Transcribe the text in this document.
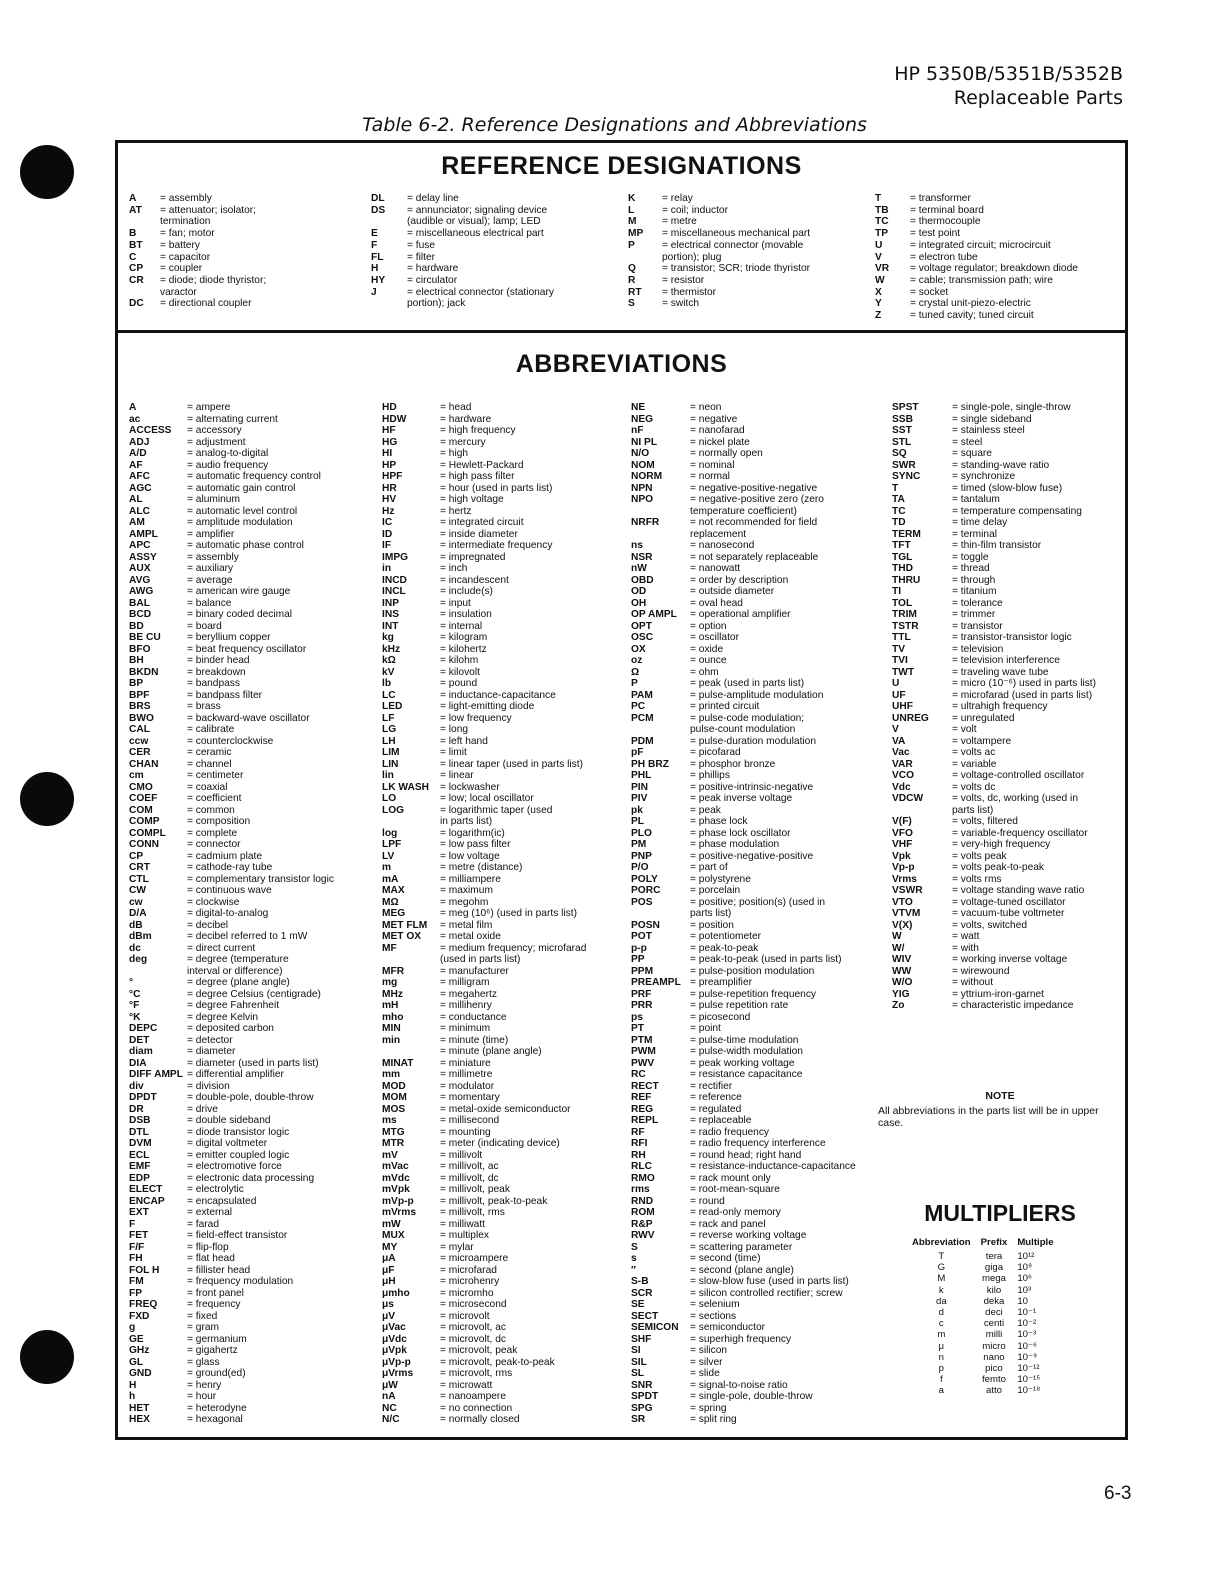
HP 5350B/5351B/5352B
Replaceable Parts
Table 6-2. Reference Designations and Abbreviations
REFERENCE DESIGNATIONS
A	= assembly
AT	= attenuator; isolator;
termination
B	= fan; motor
BT	= battery
C	= capacitor
CP	= coupler
CR	= diode; diode thyristor;
varactor
DC	= directional coupler
DL	= delay line
DS	= annunciator; signaling device
(audible or visual); lamp; LED
E	= miscellaneous electrical part
F	= fuse
FL	= filter
H	= hardware
HY	= circulator
J	= electrical connector (stationary
portion); jack
K	= relay
L	= coil; inductor
M	= metre
MP	= miscellaneous mechanical part
P	= electrical connector (movable
portion); plug
Q	= transistor; SCR; triode thyristor
R	= resistor
RT	= thermistor
S	= switch
T	= transformer
TB	= terminal board
TC	= thermocouple
TP	= test point
U	= integrated circuit; microcircuit
V	= electron tube
VR	= voltage regulator; breakdown diode
W	= cable; transmission path; wire
X	= socket
Y	= crystal unit-piezo-electric
Z	= tuned cavity; tuned circuit
ABBREVIATIONS
A	= ampere
ac	= alternating current
ACCESS	= accessory
ADJ	= adjustment
A/D	= analog-to-digital
AF	= audio frequency
AFC	= automatic frequency control
AGC	= automatic gain control
AL	= aluminum
ALC	= automatic level control
AM	= amplitude modulation
AMPL	= amplifier
APC	= automatic phase control
ASSY	= assembly
AUX	= auxiliary
AVG	= average
AWG	= american wire gauge
BAL	= balance
BCD	= binary coded decimal
BD	= board
BE CU	= beryllium copper
BFO	= beat frequency oscillator
BH	= binder head
BKDN	= breakdown
BP	= bandpass
BPF	= bandpass filter
BRS	= brass
BWO	= backward-wave oscillator
CAL	= calibrate
ccw	= counterclockwise
CER	= ceramic
CHAN	= channel
cm	= centimeter
CMO	= coaxial
COEF	= coefficient
COM	= common
COMP	= composition
COMPL	= complete
CONN	= connector
CP	= cadmium plate
CRT	= cathode-ray tube
CTL	= complementary transistor logic
CW	= continuous wave
cw	= clockwise
D/A	= digital-to-analog
dB	= decibel
dBm	= decibel referred to 1 mW
dc	= direct current
deg	= degree (temperature
interval or difference)
°	= degree (plane angle)
°C	= degree Celsius (centigrade)
°F	= degree Fahrenheit
°K	= degree Kelvin
DEPC	= deposited carbon
DET	= detector
diam	= diameter
DIA	= diameter (used in parts list)
DIFF AMPL = differential amplifier
div	= division
DPDT	= double-pole, double-throw
DR	= drive
DSB	= double sideband
DTL	= diode transistor logic
DVM	= digital voltmeter
ECL	= emitter coupled logic
EMF	= electromotive force
EDP	= electronic data processing
ELECT	= electrolytic
ENCAP	= encapsulated
EXT	= external
F	= farad
FET	= field-effect transistor
F/F	= flip-flop
FH	= flat head
FOL H	= fillister head
FM	= frequency modulation
FP	= front panel
FREQ	= frequency
FXD	= fixed
g	= gram
GE	= germanium
GHz	= gigahertz
GL	= glass
GND	= ground(ed)
H	= henry
h	= hour
HET	= heterodyne
HEX	= hexagonal
HD	= head
HDW	= hardware
HF	= high frequency
HG	= mercury
HI	= high
HP	= Hewlett-Packard
HPF	= high pass filter
HR	= hour (used in parts list)
HV	= high voltage
Hz	= hertz
IC	= integrated circuit
ID	= inside diameter
IF	= intermediate frequency
IMPG	= impregnated
in	= inch
INCD	= incandescent
INCL	= include(s)
INP	= input
INS	= insulation
INT	= internal
kg	= kilogram
kHz	= kilohertz
kΩ	= kilohm
kV	= kilovolt
lb	= pound
LC	= inductance-capacitance
LED	= light-emitting diode
LF	= low frequency
LG	= long
LH	= left hand
LIM	= limit
LIN	= linear taper (used in parts list)
lin	= linear
LK WASH	= lockwasher
LO	= low; local oscillator
LOG	= logarithmic taper (used
in parts list)
log	= logarithm(ic)
LPF	= low pass filter
LV	= low voltage
m	= metre (distance)
mA	= milliampere
MAX	= maximum
MΩ	= megohm
MEG	= meg (10⁶) (used in parts list)
MET FLM	= metal film
MET OX	= metal oxide
MF	= medium frequency; microfarad
(used in parts list)
MFR	= manufacturer
mg	= milligram
MHz	= megahertz
mH	= millihenry
mho	= conductance
MIN	= minimum
min	= minute (time)
= minute (plane angle)
MINAT	= miniature
mm	= millimetre
MOD	= modulator
MOM	= momentary
MOS	= metal-oxide semiconductor
ms	= millisecond
MTG	= mounting
MTR	= meter (indicating device)
mV	= millivolt
mVac	= millivolt, ac
mVdc	= millivolt, dc
mVpk	= millivolt, peak
mVp-p	= millivolt, peak-to-peak
mVrms	= millivolt, rms
mW	= milliwatt
MUX	= multiplex
MY	= mylar
μA	= microampere
μF	= microfarad
μH	= microhenry
μmho	= micromho
μs	= microsecond
μV	= microvolt
μVac	= microvolt, ac
μVdc	= microvolt, dc
μVpk	= microvolt, peak
μVp-p	= microvolt, peak-to-peak
μVrms	= microvolt, rms
μW	= microwatt
nA	= nanoampere
NC	= no connection
N/C	= normally closed
NE	= neon
NEG	= negative
nF	= nanofarad
NI PL	= nickel plate
N/O	= normally open
NOM	= nominal
NORM	= normal
NPN	= negative-positive-negative
NPO	= negative-positive zero (zero
temperature coefficient)
NRFR	= not recommended for field
replacement
ns	= nanosecond
NSR	= not separately replaceable
nW	= nanowatt
OBD	= order by description
OD	= outside diameter
OH	= oval head
OP AMPL	= operational amplifier
OPT	= option
OSC	= oscillator
OX	= oxide
oz	= ounce
Ω	= ohm
P	= peak (used in parts list)
PAM	= pulse-amplitude modulation
PC	= printed circuit
PCM	= pulse-code modulation;
pulse-count modulation
PDM	= pulse-duration modulation
pF	= picofarad
PH BRZ	= phosphor bronze
PHL	= phillips
PIN	= positive-intrinsic-negative
PIV	= peak inverse voltage
pk	= peak
PL	= phase lock
PLO	= phase lock oscillator
PM	= phase modulation
PNP	= positive-negative-positive
P/O	= part of
POLY	= polystyrene
PORC	= porcelain
POS	= positive; position(s) (used in
parts list)
POSN	= position
POT	= potentiometer
p-p	= peak-to-peak
PP	= peak-to-peak (used in parts list)
PPM	= pulse-position modulation
PREAMPL = preamplifier
PRF	= pulse-repetition frequency
PRR	= pulse repetition rate
ps	= picosecond
PT	= point
PTM	= pulse-time modulation
PWM	= pulse-width modulation
PWV	= peak working voltage
RC	= resistance capacitance
RECT	= rectifier
REF	= reference
REG	= regulated
REPL	= replaceable
RF	= radio frequency
RFI	= radio frequency interference
RH	= round head; right hand
RLC	= resistance-inductance-capacitance
RMO	= rack mount only
rms	= root-mean-square
RND	= round
ROM	= read-only memory
R&P	= rack and panel
RWV	= reverse working voltage
S	= scattering parameter
s	= second (time)
″	= second (plane angle)
S-B	= slow-blow fuse (used in parts list)
SCR	= silicon controlled rectifier; screw
SE	= selenium
SECT	= sections
SEMICON	= semiconductor
SHF	= superhigh frequency
SI	= silicon
SIL	= silver
SL	= slide
SNR	= signal-to-noise ratio
SPDT	= single-pole, double-throw
SPG	= spring
SR	= split ring
SPST	= single-pole, single-throw
SSB	= single sideband
SST	= stainless steel
STL	= steel
SQ	= square
SWR	= standing-wave ratio
SYNC	= synchronize
T	= timed (slow-blow fuse)
TA	= tantalum
TC	= temperature compensating
TD	= time delay
TERM	= terminal
TFT	= thin-film transistor
TGL	= toggle
THD	= thread
THRU	= through
TI	= titanium
TOL	= tolerance
TRIM	= trimmer
TSTR	= transistor
TTL	= transistor-transistor logic
TV	= television
TVI	= television interference
TWT	= traveling wave tube
U	= micro (10⁻⁶) used in parts list)
UF	= microfarad (used in parts list)
UHF	= ultrahigh frequency
UNREG	= unregulated
V	= volt
VA	= voltampere
Vac	= volts ac
VAR	= variable
VCO	= voltage-controlled oscillator
Vdc	= volts dc
VDCW	= volts, dc, working (used in
parts list)
V(F)	= volts, filtered
VFO	= variable-frequency oscillator
VHF	= very-high frequency
Vpk	= volts peak
Vp-p	= volts peak-to-peak
Vrms	= volts rms
VSWR	= voltage standing wave ratio
VTO	= voltage-tuned oscillator
VTVM	= vacuum-tube voltmeter
V(X)	= volts, switched
W	= watt
W/	= with
WIV	= working inverse voltage
WW	= wirewound
W/O	= without
YIG	= yttrium-iron-garnet
Zo	= characteristic impedance
NOTE
All abbreviations in the parts list will be in upper case.
MULTIPLIERS
Abbreviation	Prefix	Multiple
T	tera	10¹²
G	giga	10⁹
M	mega	10⁶
k	kilo	10³
da	deka	10
d	deci	10⁻¹
c	centi	10⁻²
m	milli	10⁻³
μ	micro	10⁻⁶
n	nano	10⁻⁹
p	pico	10⁻¹²
f	femto	10⁻¹⁵
a	atto	10⁻¹⁸
6-3
